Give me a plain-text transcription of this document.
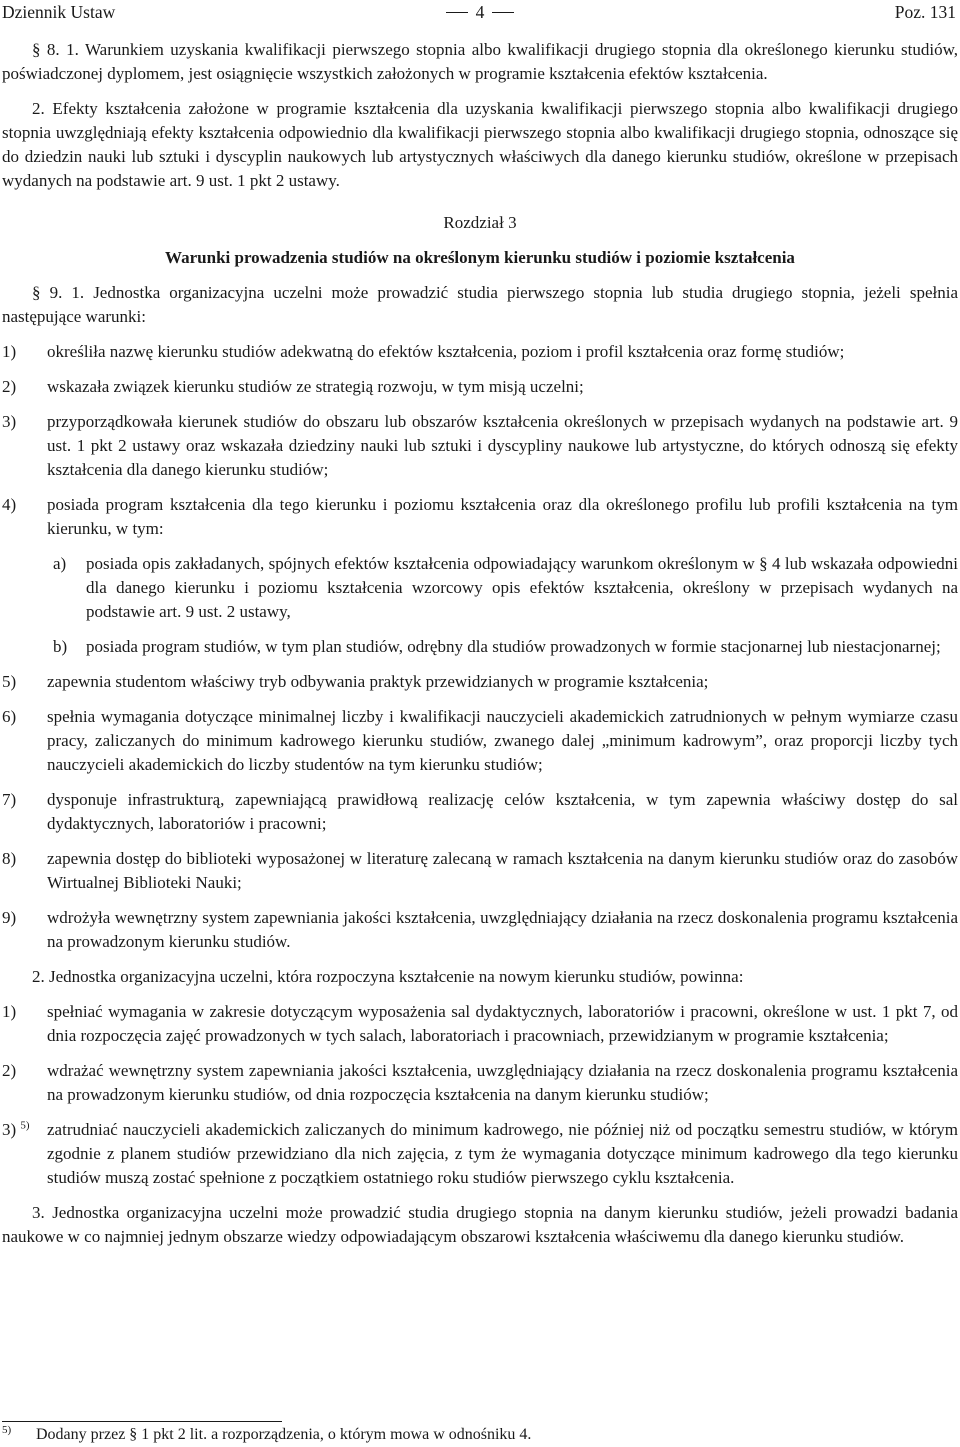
Dziennik Ustaw	4	Poz. 131

§ 8. 1. Warunkiem uzyskania kwalifikacji pierwszego stopnia albo kwalifikacji drugiego stopnia dla określonego kierunku studiów, poświadczonej dyplomem, jest osiągnięcie wszystkich założonych w programie kształcenia efektów kształcenia.

2. Efekty kształcenia założone w programie kształcenia dla uzyskania kwalifikacji pierwszego stopnia albo kwalifikacji drugiego stopnia uwzględniają efekty kształcenia odpowiednio dla kwalifikacji pierwszego stopnia albo kwalifikacji drugiego stopnia, odnoszące się do dziedzin nauki lub sztuki i dyscyplin naukowych lub artystycznych właściwych dla danego kierunku studiów, określone w przepisach wydanych na podstawie art. 9 ust. 1 pkt 2 ustawy.

Rozdział 3

Warunki prowadzenia studiów na określonym kierunku studiów i poziomie kształcenia

§ 9. 1. Jednostka organizacyjna uczelni może prowadzić studia pierwszego stopnia lub studia drugiego stopnia, jeżeli spełnia następujące warunki:

1) określiła nazwę kierunku studiów adekwatną do efektów kształcenia, poziom i profil kształcenia oraz formę studiów;

2) wskazała związek kierunku studiów ze strategią rozwoju, w tym misją uczelni;

3) przyporządkowała kierunek studiów do obszaru lub obszarów kształcenia określonych w przepisach wydanych na podstawie art. 9 ust. 1 pkt 2 ustawy oraz wskazała dziedziny nauki lub sztuki i dyscypliny naukowe lub artystyczne, do których odnoszą się efekty kształcenia dla danego kierunku studiów;

4) posiada program kształcenia dla tego kierunku i poziomu kształcenia oraz dla określonego profilu lub profili kształcenia na tym kierunku, w tym:

a) posiada opis zakładanych, spójnych efektów kształcenia odpowiadający warunkom określonym w § 4 lub wskazała odpowiedni dla danego kierunku i poziomu kształcenia wzorcowy opis efektów kształcenia, określony w przepisach wydanych na podstawie art. 9 ust. 2 ustawy,

b) posiada program studiów, w tym plan studiów, odrębny dla studiów prowadzonych w formie stacjonarnej lub niestacjonarnej;

5) zapewnia studentom właściwy tryb odbywania praktyk przewidzianych w programie kształcenia;

6) spełnia wymagania dotyczące minimalnej liczby i kwalifikacji nauczycieli akademickich zatrudnionych w pełnym wymiarze czasu pracy, zaliczanych do minimum kadrowego kierunku studiów, zwanego dalej „minimum kadrowym”, oraz proporcji liczby tych nauczycieli akademickich do liczby studentów na tym kierunku studiów;

7) dysponuje infrastrukturą, zapewniającą prawidłową realizację celów kształcenia, w tym zapewnia właściwy dostęp do sal dydaktycznych, laboratoriów i pracowni;

8) zapewnia dostęp do biblioteki wyposażonej w literaturę zalecaną w ramach kształcenia na danym kierunku studiów oraz do zasobów Wirtualnej Biblioteki Nauki;

9) wdrożyła wewnętrzny system zapewniania jakości kształcenia, uwzględniający działania na rzecz doskonalenia programu kształcenia na prowadzonym kierunku studiów.

2. Jednostka organizacyjna uczelni, która rozpoczyna kształcenie na nowym kierunku studiów, powinna:

1) spełniać wymagania w zakresie dotyczącym wyposażenia sal dydaktycznych, laboratoriów i pracowni, określone w ust. 1 pkt 7, od dnia rozpoczęcia zajęć prowadzonych w tych salach, laboratoriach i pracowniach, przewidzianym w programie kształcenia;

2) wdrażać wewnętrzny system zapewniania jakości kształcenia, uwzględniający działania na rzecz doskonalenia programu kształcenia na prowadzonym kierunku studiów, od dnia rozpoczęcia kształcenia na danym kierunku studiów;

3) $^{5)}$ zatrudniać nauczycieli akademickich zaliczanych do minimum kadrowego, nie później niż od początku semestru studiów, w którym zgodnie z planem studiów przewidziano dla nich zajęcia, z tym że wymagania dotyczące minimum kadrowego dla tego kierunku studiów muszą zostać spełnione z początkiem ostatniego roku studiów pierwszego cyklu kształcenia.

3. Jednostka organizacyjna uczelni może prowadzić studia drugiego stopnia na danym kierunku studiów, jeżeli prowadzi badania naukowe w co najmniej jednym obszarze wiedzy odpowiadającym obszarowi kształcenia właściwemu dla danego kierunku studiów.

5) Dodany przez § 1 pkt 2 lit. a rozporządzenia, o którym mowa w odnośniku 4.
